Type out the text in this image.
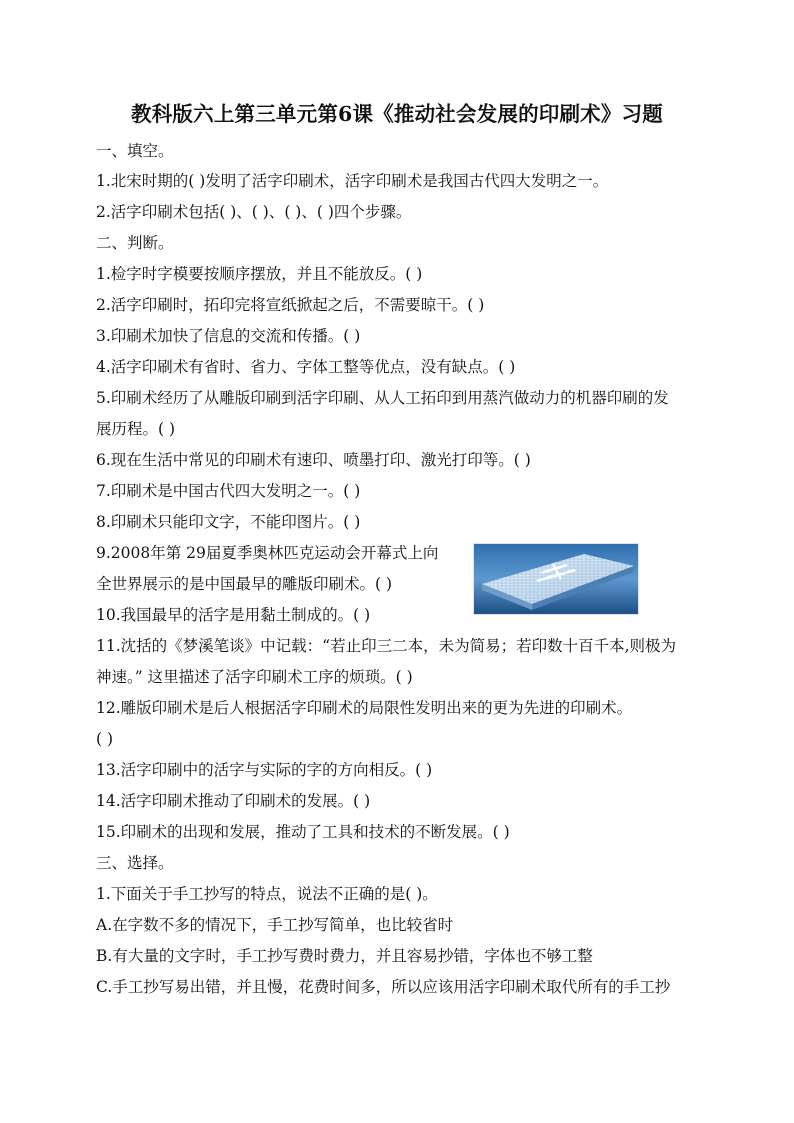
教科版六上第三单元第6课《推动社会发展的印刷术》习题
一、填空。
1.北宋时期的( )发明了活字印刷术，活字印刷术是我国古代四大发明之一。
2.活字印刷术包括( )、( )、( )、( )四个步骤。
二、判断。
1.检字时字模要按顺序摆放，并且不能放反。( )
2.活字印刷时，拓印完将宣纸掀起之后，不需要晾干。( )
3.印刷术加快了信息的交流和传播。( )
4.活字印刷术有省时、省力、字体工整等优点，没有缺点。( )
5.印刷术经历了从雕版印刷到活字印刷、从人工拓印到用蒸汽做动力的机器印刷的发
展历程。( )
6.现在生活中常见的印刷术有速印、喷墨打印、激光打印等。( )
7.印刷术是中国古代四大发明之一。( )
8.印刷术只能印文字，不能印图片。( )
9.2008年第 29届夏季奥林匹克运动会开幕式上向
全世界展示的是中国最早的雕版印刷术。( )
10.我国最早的活字是用黏土制成的。( )
11.沈括的《梦溪笔谈》中记载：“若止印三二本，未为简易；若印数十百千本,则极为
神速。” 这里描述了活字印刷术工序的烦琐。( )
12.雕版印刷术是后人根据活字印刷术的局限性发明出来的更为先进的印刷术。
( )
13.活字印刷中的活字与实际的字的方向相反。( )
14.活字印刷术推动了印刷术的发展。( )
15.印刷术的出现和发展，推动了工具和技术的不断发展。( )
三、选择。
1.下面关于手工抄写的特点，说法不正确的是( )。
A.在字数不多的情况下，手工抄写简单，也比较省时
B.有大量的文字时，手工抄写费时费力，并且容易抄错，字体也不够工整
C.手工抄写易出错，并且慢，花费时间多，所以应该用活字印刷术取代所有的手工抄
